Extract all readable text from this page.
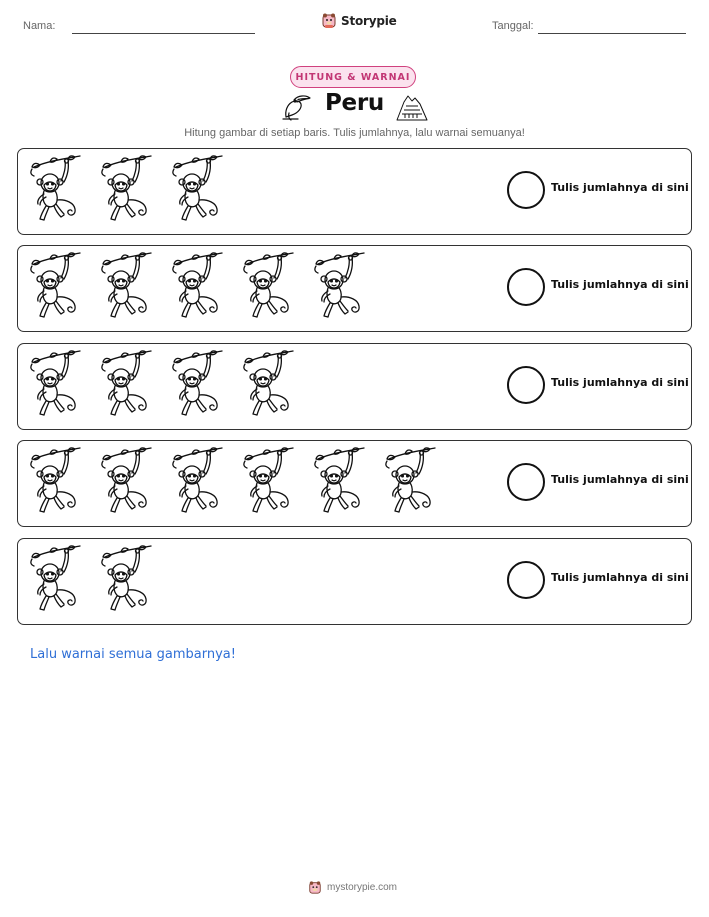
Nama:	Storypie	Tanggal:
HITUNG & WARNAI
Peru
Hitung gambar di setiap baris. Tulis jumlahnya, lalu warnai semuanya!
Tulis jumlahnya di sini
Tulis jumlahnya di sini
Tulis jumlahnya di sini
Tulis jumlahnya di sini
Tulis jumlahnya di sini
Lalu warnai semua gambarnya!
mystorypie.com
